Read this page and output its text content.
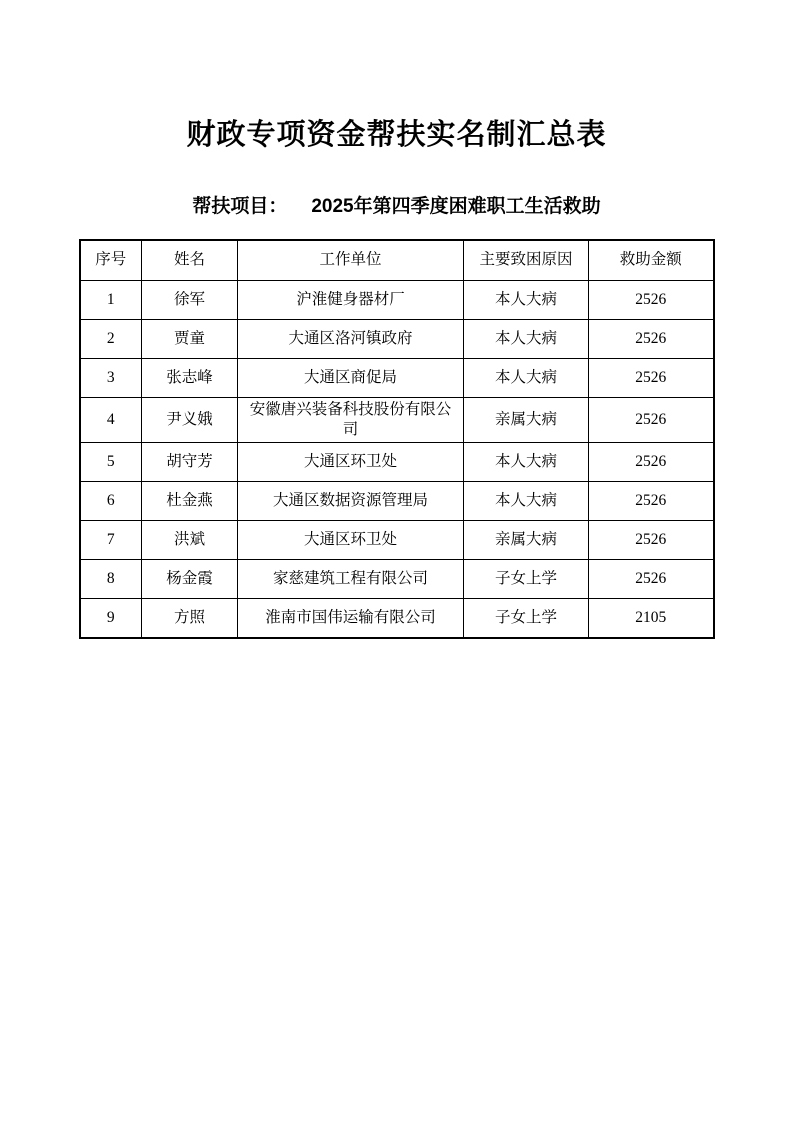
财政专项资金帮扶实名制汇总表
帮扶项目： 2025年第四季度困难职工生活救助
序号	姓名	工作单位	主要致困原因	救助金额
1	徐军	沪淮健身器材厂	本人大病	2526
2	贾童	大通区洛河镇政府	本人大病	2526
3	张志峰	大通区商促局	本人大病	2526
4	尹义娥	安徽唐兴装备科技股份有限公司	亲属大病	2526
5	胡守芳	大通区环卫处	本人大病	2526
6	杜金燕	大通区数据资源管理局	本人大病	2526
7	洪斌	大通区环卫处	亲属大病	2526
8	杨金霞	家慈建筑工程有限公司	子女上学	2526
9	方照	淮南市国伟运输有限公司	子女上学	2105
